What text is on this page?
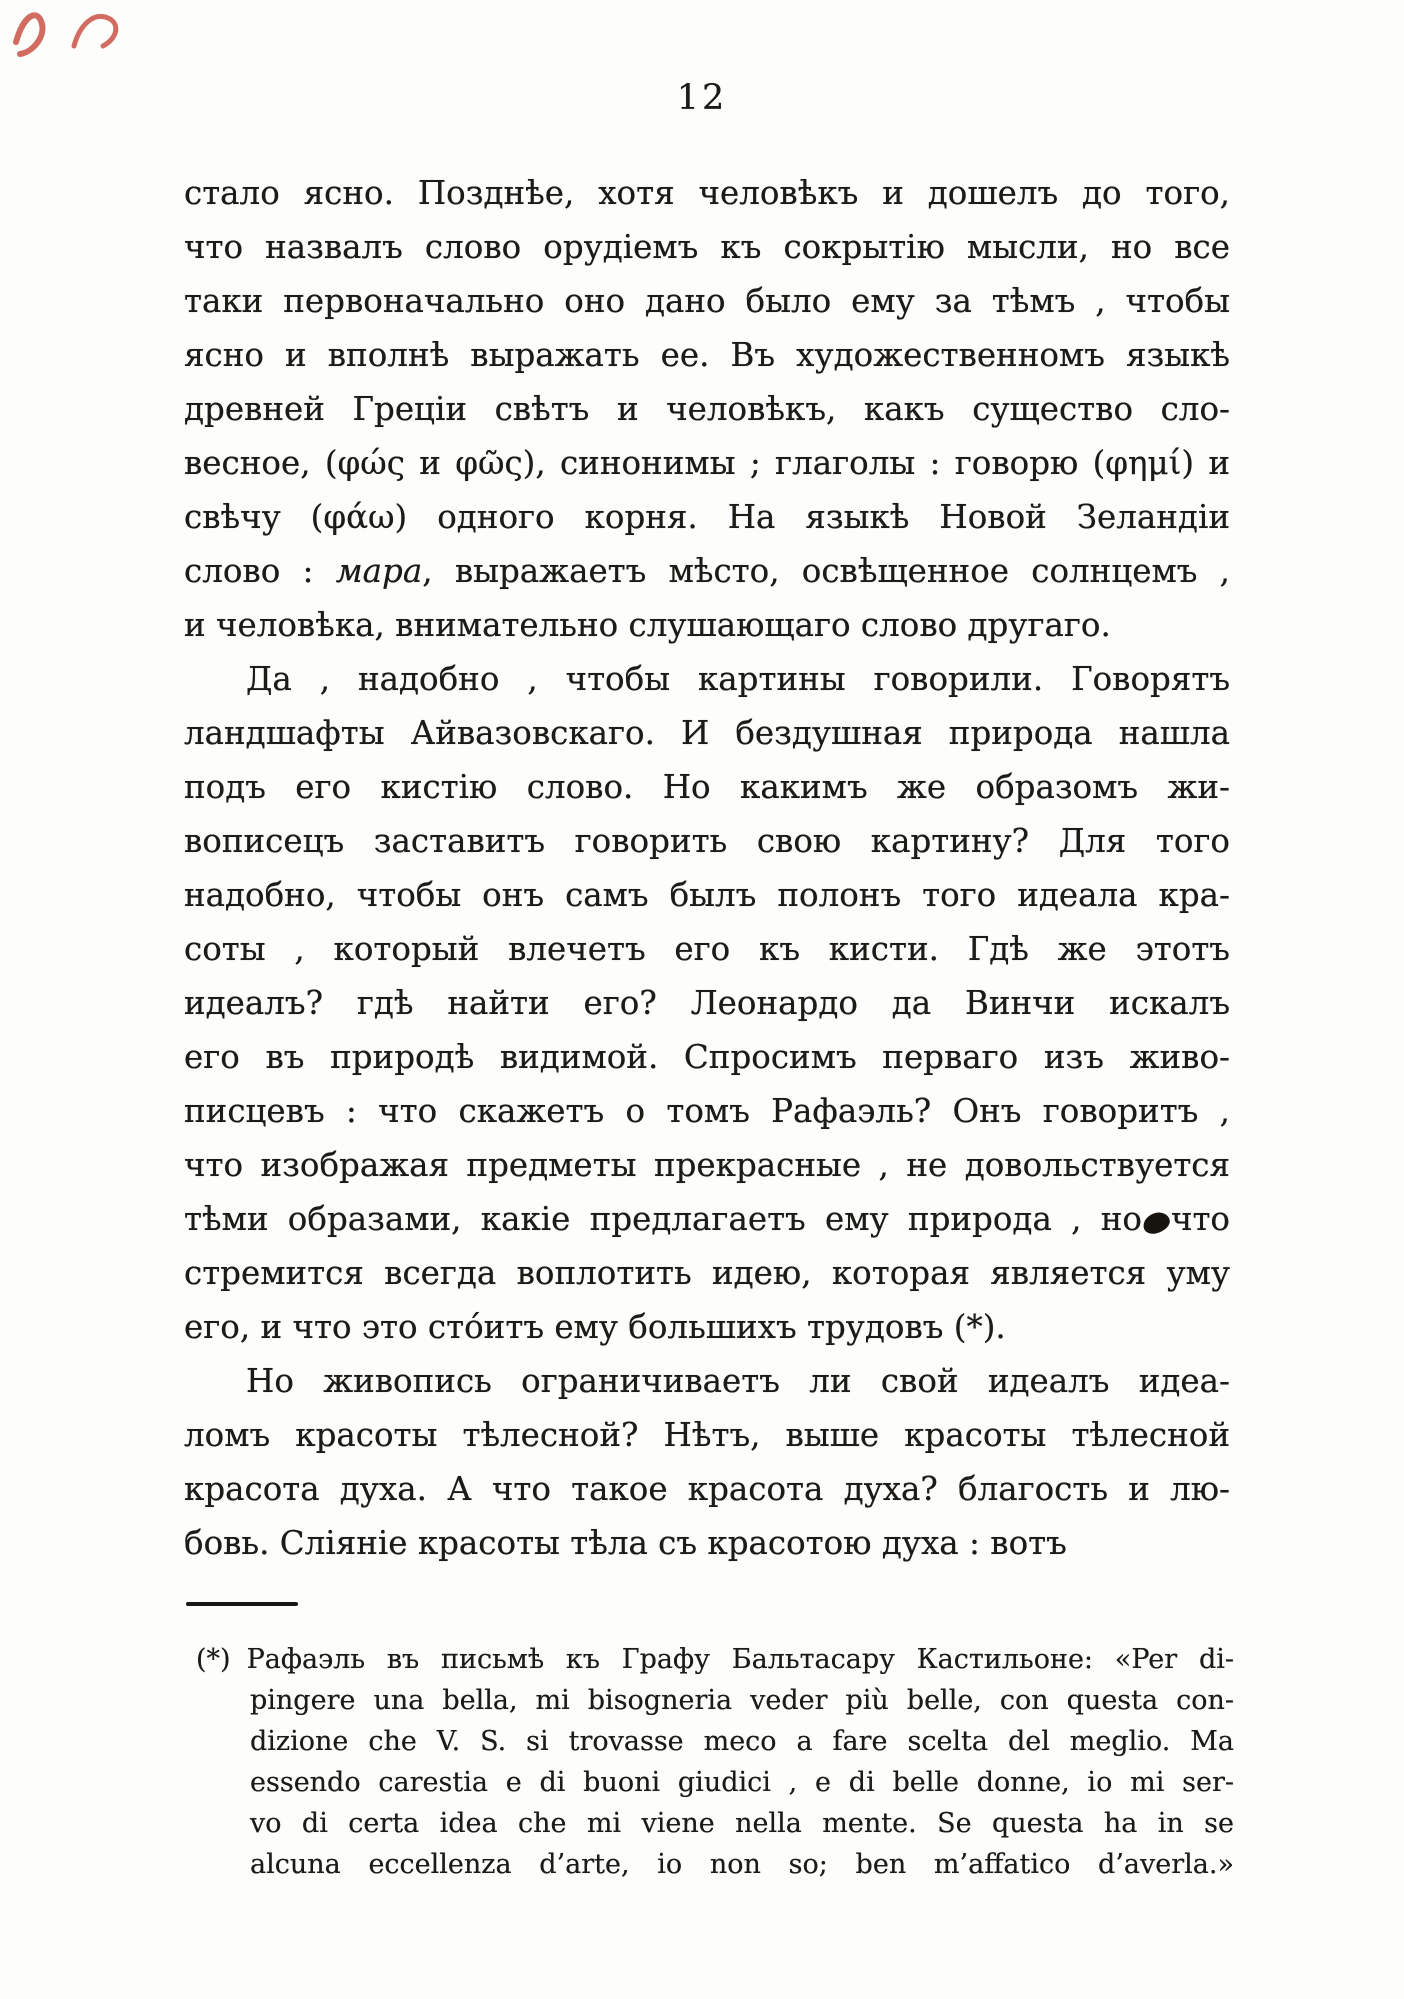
12
стало ясно. Позднѣе, хотя человѣкъ и дошелъ до того,
что назвалъ слово орудіемъ къ сокрытію мысли, но все
таки первоначально оно дано было ему за тѣмъ , чтобы
ясно и вполнѣ выражать ее. Въ художественномъ языкѣ
древней Греціи свѣтъ и человѣкъ, какъ существо сло-
весное, (φώς и φῶς), синонимы ; глаголы : говорю (φημί) и
свѣчу (φάω) одного корня. На языкѣ Новой Зеландіи
слово : мара, выражаетъ мѣсто, освѣщенное солнцемъ ,
и человѣка, внимательно слушающаго слово другаго.
Да , надобно , чтобы картины говорили. Говорятъ
ландшафты Айвазовскаго. И бездушная природа нашла
подъ его кистію слово. Но какимъ же образомъ жи-
вописецъ заставитъ говорить свою картину? Для того
надобно, чтобы онъ самъ былъ полонъ того идеала кра-
соты , который влечетъ его къ кисти. Гдѣ же этотъ
идеалъ? гдѣ найти его? Леонардо да Винчи искалъ
его въ природѣ видимой. Спросимъ перваго изъ живо-
писцевъ : что скажетъ о томъ Рафаэль? Онъ говоритъ ,
что изображая предметы прекрасные , не довольствуется
тѣми образами, какіе предлагаетъ ему природа , но что
стремится всегда воплотить идею, которая является уму
его, и что это сто́итъ ему большихъ трудовъ (*).
Но живопись ограничиваетъ ли свой идеалъ идеа-
ломъ красоты тѣлесной? Нѣтъ, выше красоты тѣлесной
красота духа. А что такое красота духа? благость и лю-
бовь. Сліяніе красоты тѣла съ красотою духа : вотъ
(*) Рафаэль въ письмѣ къ Графу Бальтасару Кастильоне: «Per di-
pingere una bella, mi bisogneria veder più belle, con questa con-
dizione che V. S. si trovasse meco a fare scelta del meglio. Ma
essendo carestia e di buoni giudici , e di belle donne, io mi ser-
vo di certa idea che mi viene nella mente. Se questa ha in se
alcuna eccellenza d’arte, io non so; ben m’affatico d’averla.»
